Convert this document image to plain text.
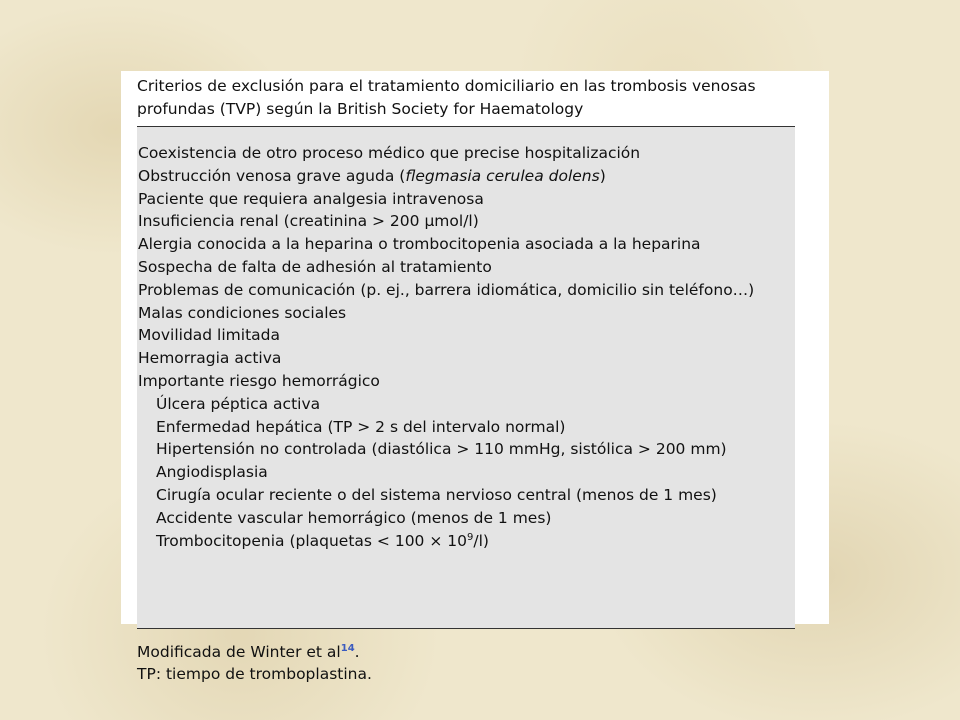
Criterios de exclusión para el tratamiento domiciliario en las trombosis venosas profundas (TVP) según la British Society for Haematology
Coexistencia de otro proceso médico que precise hospitalización
Obstrucción venosa grave aguda (flegmasia cerulea dolens)
Paciente que requiera analgesia intravenosa
Insuficiencia renal (creatinina > 200 µmol/l)
Alergia conocida a la heparina o trombocitopenia asociada a la heparina
Sospecha de falta de adhesión al tratamiento
Problemas de comunicación (p. ej., barrera idiomática, domicilio sin teléfono…)
Malas condiciones sociales
Movilidad limitada
Hemorragia activa
Importante riesgo hemorrágico
Úlcera péptica activa
Enfermedad hepática (TP > 2 s del intervalo normal)
Hipertensión no controlada (diastólica > 110 mmHg, sistólica > 200 mm)
Angiodisplasia
Cirugía ocular reciente o del sistema nervioso central (menos de 1 mes)
Accidente vascular hemorrágico (menos de 1 mes)
Trombocitopenia (plaquetas < $100 \times 10^9/l$)
Modificada de Winter et $al^{14}$.
TP: tiempo de tromboplastina.
